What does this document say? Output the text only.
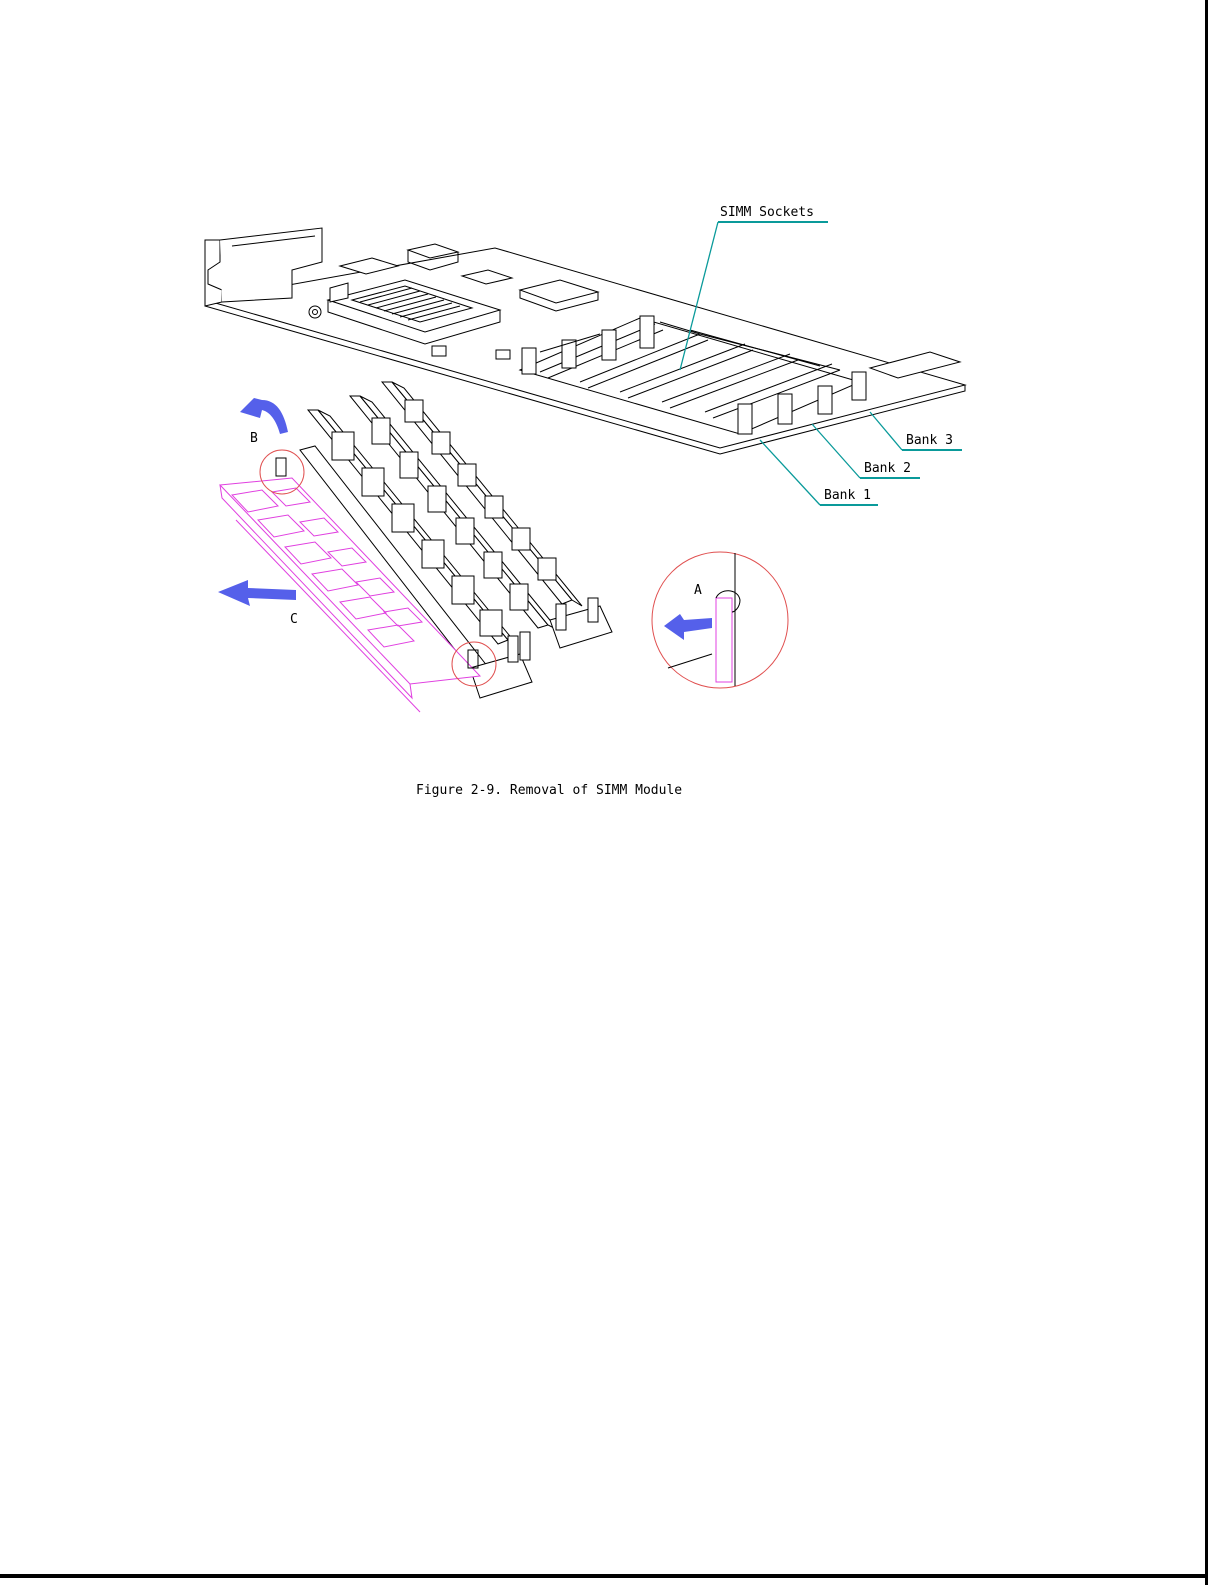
SIMM Sockets
Bank 3
Bank 2
Bank 1
B
C
A
Figure 2-9. Removal of SIMM Module
